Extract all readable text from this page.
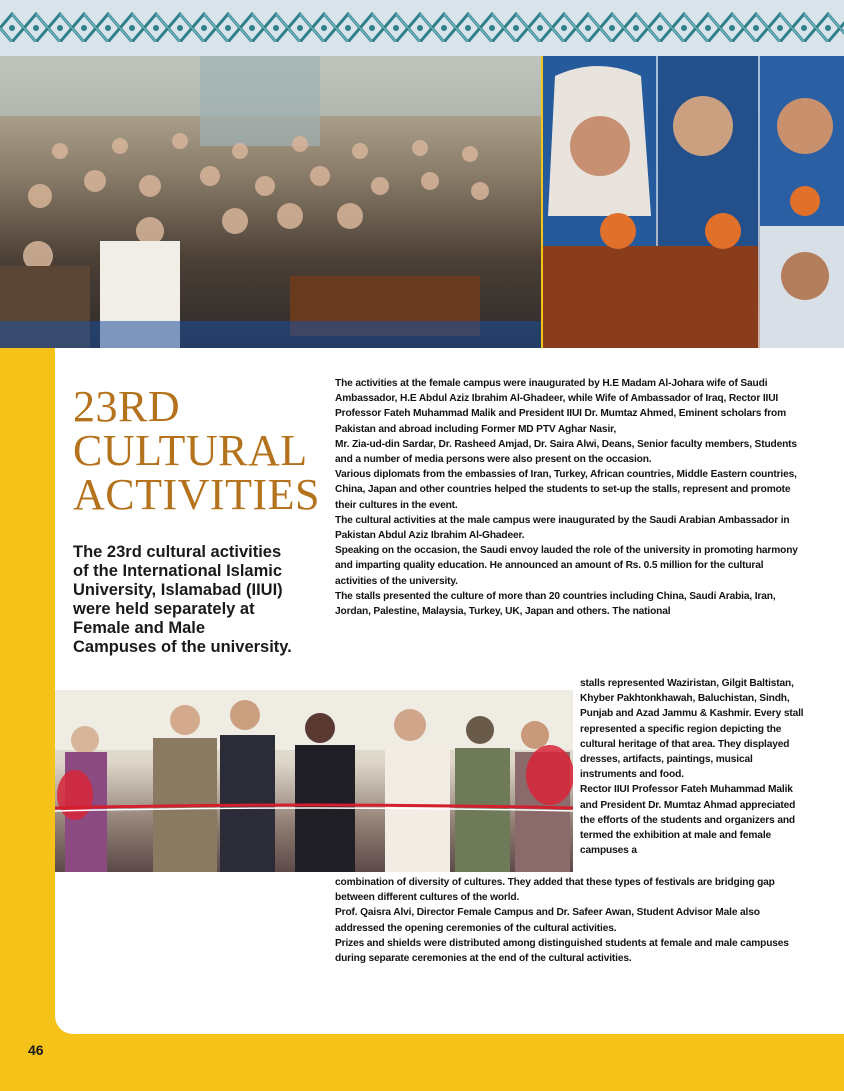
23RD
CULTURAL
ACTIVITIES

The 23rd cultural activities of the International Islamic University, Islamabad (IIUI) were held separately at Female and Male Campuses of the university.

The activities at the female campus were inaugurated by H.E Madam Al-Johara wife of Saudi Ambassador, H.E Abdul Aziz Ibrahim Al-Ghadeer, while Wife of Ambassador of Iraq, Rector IIUI Professor Fateh Muhammad Malik and President IIUI Dr. Mumtaz Ahmed, Eminent scholars from Pakistan and abroad including Former MD PTV Aghar Nasir,

Mr. Zia-ud-din Sardar, Dr. Rasheed Amjad, Dr. Saira Alwi, Deans, Senior faculty members, Students and a number of media persons were also present on the occasion.

Various diplomats from the embassies of Iran, Turkey, African countries, Middle Eastern countries, China, Japan and other countries helped the students to set-up the stalls, represent and promote their cultures in the event.

The cultural activities at the male campus were inaugurated by the Saudi Arabian Ambassador in Pakistan Abdul Aziz Ibrahim Al-Ghadeer.

Speaking on the occasion, the Saudi envoy lauded the role of the university in promoting harmony and imparting quality education. He announced an amount of Rs. 0.5 million for the cultural activities of the university.

The stalls presented the culture of more than 20 countries including China, Saudi Arabia, Iran, Jordan, Palestine, Malaysia, Turkey, UK, Japan and others. The national

stalls represented Waziristan, Gilgit Baltistan, Khyber Pakhtonkhawah, Baluchistan, Sindh, Punjab and Azad Jammu & Kashmir. Every stall represented a specific region depicting the cultural heritage of that area. They displayed dresses, artifacts, paintings, musical instruments and food.

Rector IIUI Professor Fateh Muhammad Malik and President Dr. Mumtaz Ahmad appreciated the efforts of the students and organizers and termed the exhibition at male and female campuses a

combination of diversity of cultures. They added that these types of festivals are bridging gap between different cultures of the world.

Prof. Qaisra Alvi, Director Female Campus and Dr. Safeer Awan, Student Advisor Male also addressed the opening ceremonies of the cultural activities.

Prizes and shields were distributed among distinguished students at female and male campuses during separate ceremonies at the end of the cultural activities.

46
